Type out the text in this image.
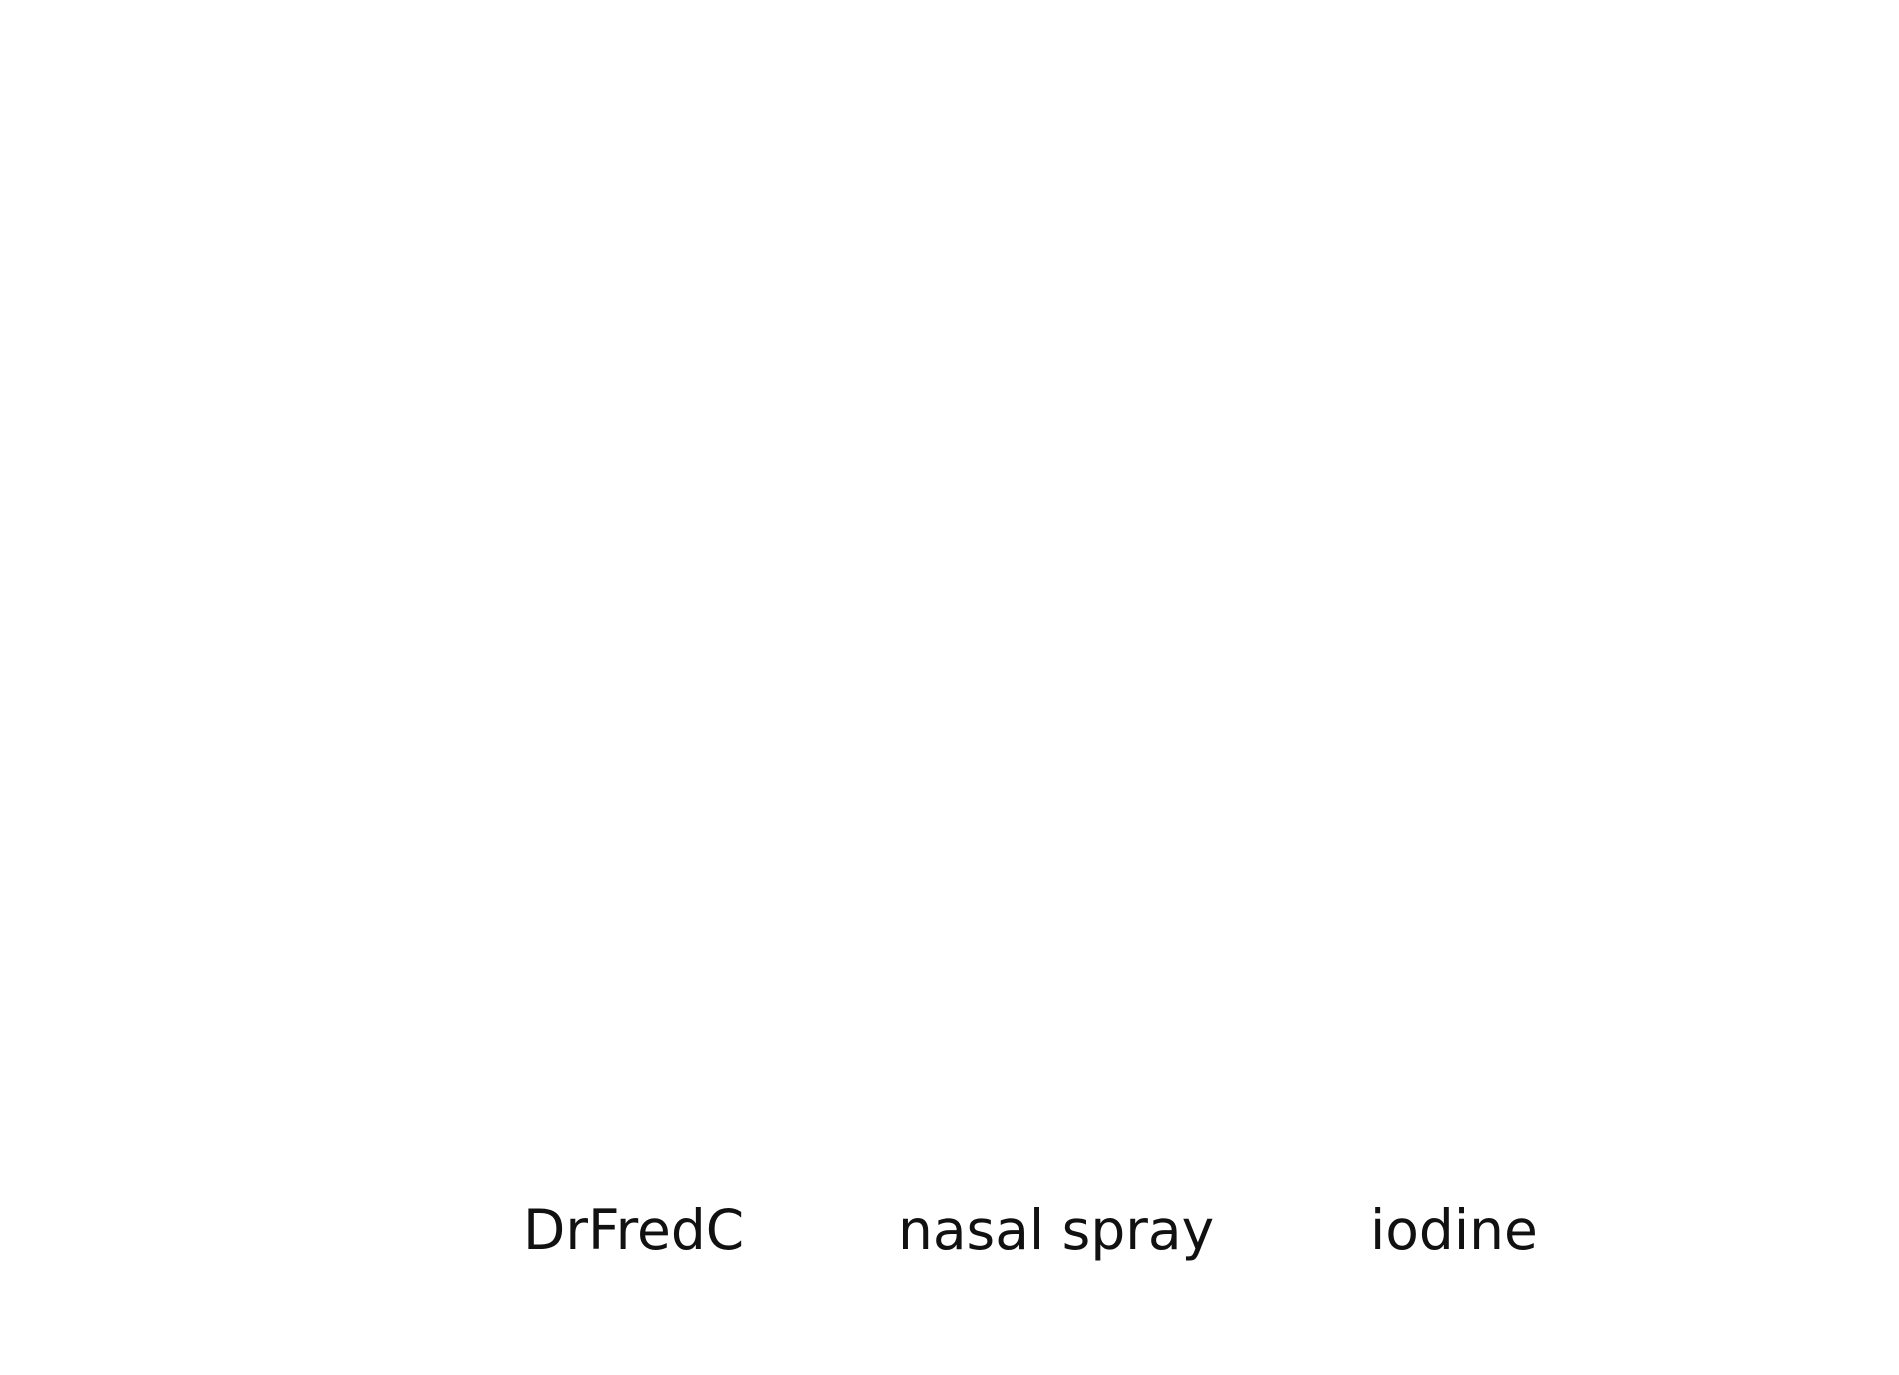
DrFredC	nasal spray	iodine
